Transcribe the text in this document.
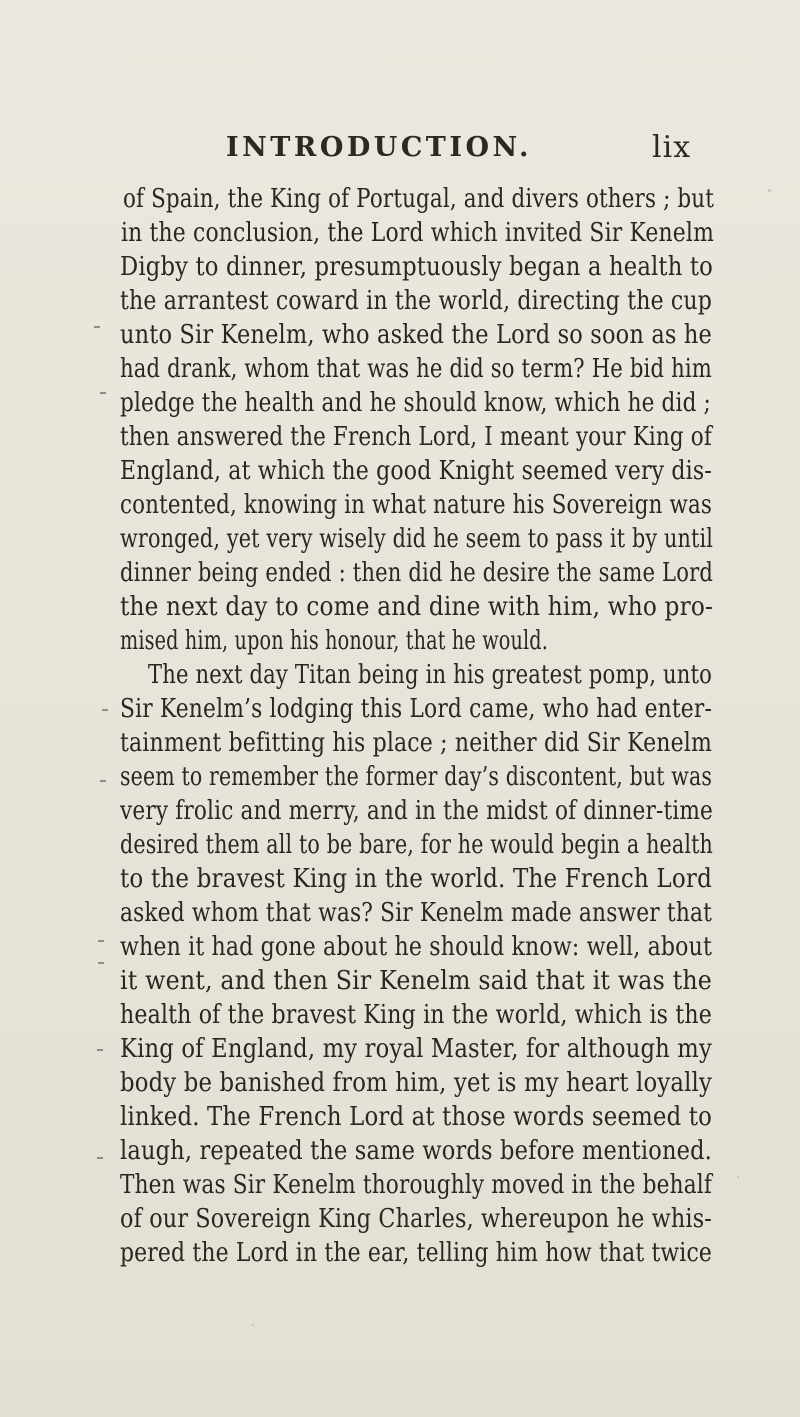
INTRODUCTION.	lix
of Spain, the King of Portugal, and divers others ; but
in the conclusion, the Lord which invited Sir Kenelm
Digby to dinner, presumptuously began a health to
the arrantest coward in the world, directing the cup
unto Sir Kenelm, who asked the Lord so soon as he
had drank, whom that was he did so term? He bid him
pledge the health and he should know, which he did ;
then answered the French Lord, I meant your King of
England, at which the good Knight seemed very dis-
contented, knowing in what nature his Sovereign was
wronged, yet very wisely did he seem to pass it by until
dinner being ended : then did he desire the same Lord
the next day to come and dine with him, who pro-
mised him, upon his honour, that he would.
The next day Titan being in his greatest pomp, unto
Sir Kenelm’s lodging this Lord came, who had enter-
tainment befitting his place ; neither did Sir Kenelm
seem to remember the former day’s discontent, but was
very frolic and merry, and in the midst of dinner-time
desired them all to be bare, for he would begin a health
to the bravest King in the world. The French Lord
asked whom that was? Sir Kenelm made answer that
when it had gone about he should know: well, about
it went, and then Sir Kenelm said that it was the
health of the bravest King in the world, which is the
King of England, my royal Master, for although my
body be banished from him, yet is my heart loyally
linked. The French Lord at those words seemed to
laugh, repeated the same words before mentioned.
Then was Sir Kenelm thoroughly moved in the behalf
of our Sovereign King Charles, whereupon he whis-
pered the Lord in the ear, telling him how that twice
